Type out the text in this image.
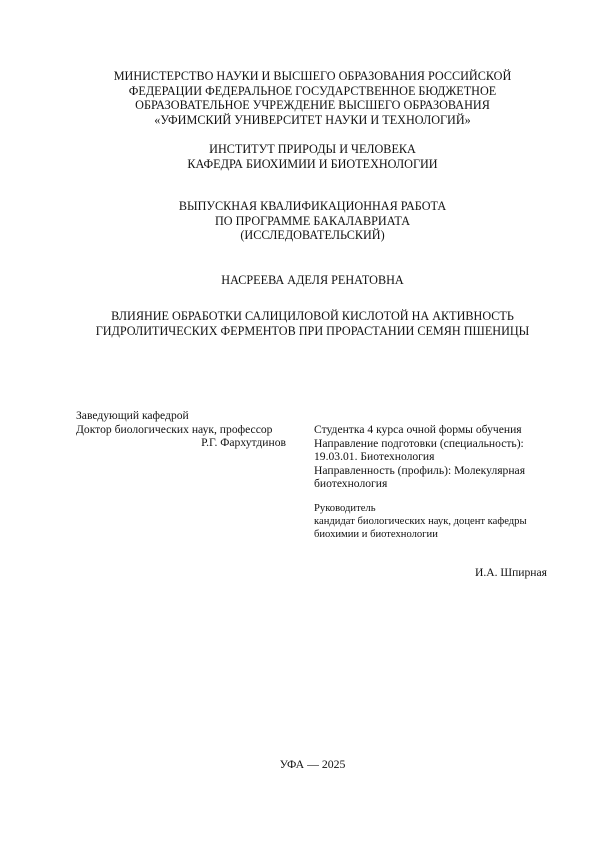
МИНИСТЕРСТВО НАУКИ И ВЫСШЕГО ОБРАЗОВАНИЯ РОССИЙСКОЙ
ФЕДЕРАЦИИ ФЕДЕРАЛЬНОЕ ГОСУДАРСТВЕННОЕ БЮДЖЕТНОЕ
ОБРАЗОВАТЕЛЬНОЕ УЧРЕЖДЕНИЕ ВЫСШЕГО ОБРАЗОВАНИЯ
«УФИМСКИЙ УНИВЕРСИТЕТ НАУКИ И ТЕХНОЛОГИЙ»
ИНСТИТУТ ПРИРОДЫ И ЧЕЛОВЕКА
КАФЕДРА БИОХИМИИ И БИОТЕХНОЛОГИИ
ВЫПУСКНАЯ КВАЛИФИКАЦИОННАЯ РАБОТА
ПО ПРОГРАММЕ БАКАЛАВРИАТА
(ИССЛЕДОВАТЕЛЬСКИЙ)
НАСРЕЕВА АДЕЛЯ РЕНАТОВНА
ВЛИЯНИЕ ОБРАБОТКИ САЛИЦИЛОВОЙ КИСЛОТОЙ НА АКТИВНОСТЬ
ГИДРОЛИТИЧЕСКИХ ФЕРМЕНТОВ ПРИ ПРОРАСТАНИИ СЕМЯН ПШЕНИЦЫ
Заведующий кафедрой
Доктор биологических наук, профессор
Р.Г. Фархутдинов
Студентка 4 курса очной формы обучения
Направление подготовки (специальность):
19.03.01. Биотехнология
Направленность (профиль): Молекулярная
биотехнология
Руководитель
кандидат биологических наук, доцент кафедры
биохимии и биотехнологии
И.А. Шпирная
УФА — 2025
